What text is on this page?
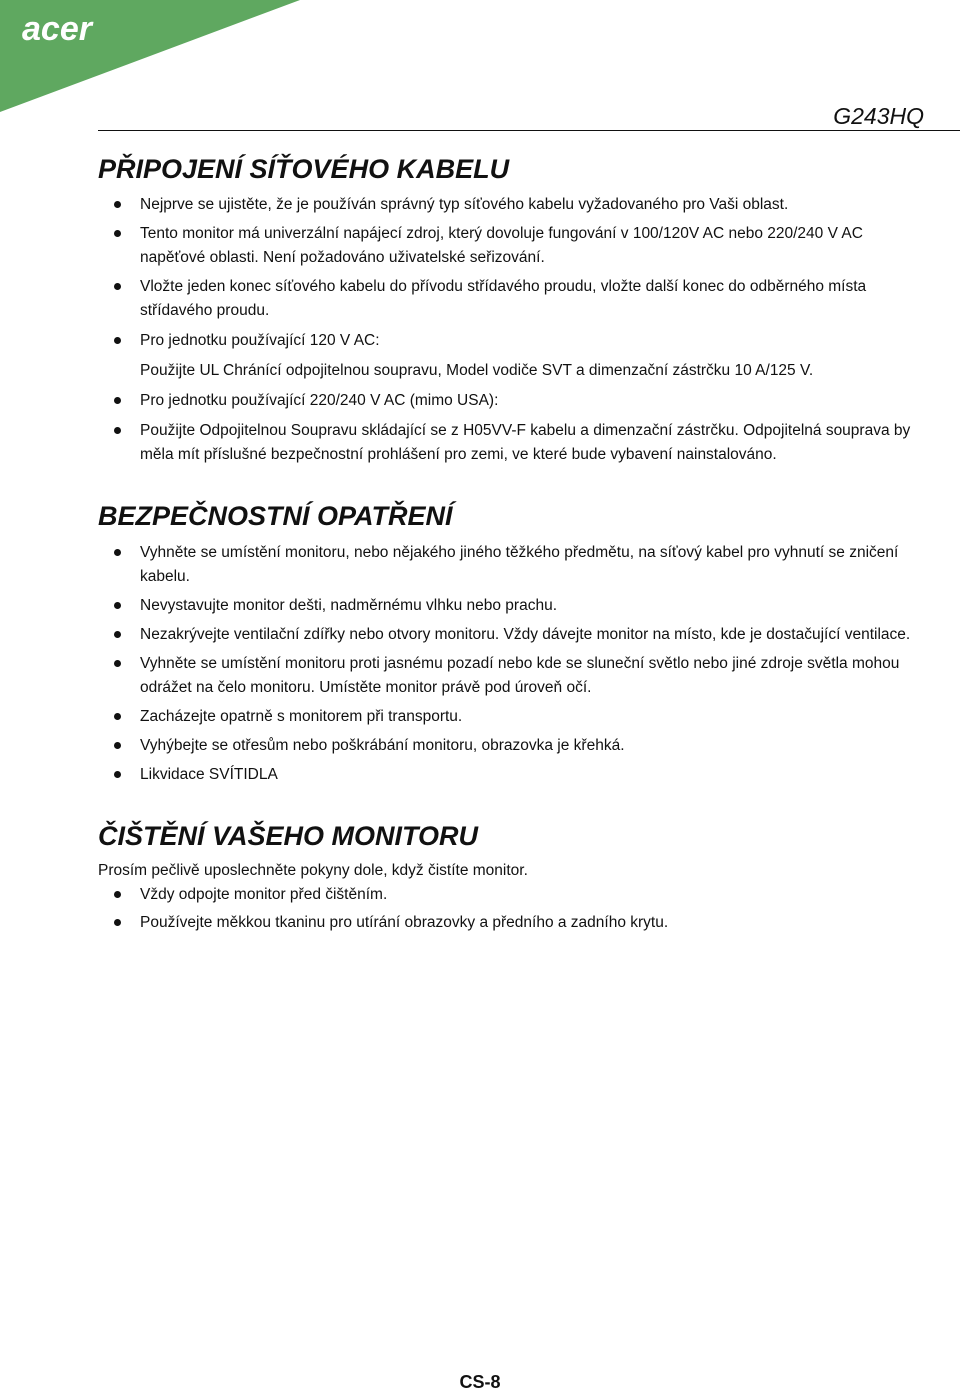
acer
G243HQ
PŘIPOJENÍ SÍŤOVÉHO KABELU
Nejprve se ujistěte, že je používán správný typ síťového kabelu vyžadovaného pro Vaši oblast.
Tento monitor má univerzální napájecí zdroj, který dovoluje fungování v 100/120V AC nebo 220/240 V AC napěťové oblasti. Není požadováno uživatelské seřizování.
Vložte jeden konec síťového kabelu do přívodu střídavého proudu, vložte další konec do odběrného místa střídavého proudu.
Pro jednotku používající 120 V AC:
Použijte UL Chránící odpojitelnou soupravu, Model vodiče SVT a dimenzační zástrčku 10 A/125 V.
Pro jednotku používající 220/240 V AC (mimo USA):
Použijte Odpojitelnou Soupravu skládající se z H05VV-F kabelu a dimenzační zástrčku. Odpojitelná souprava by měla mít příslušné bezpečnostní prohlášení pro zemi, ve které bude vybavení nainstalováno.
BEZPEČNOSTNÍ OPATŘENÍ
Vyhněte se umístění monitoru, nebo nějakého jiného těžkého předmětu, na síťový kabel pro vyhnutí se zničení kabelu.
Nevystavujte monitor dešti, nadměrnému vlhku nebo prachu.
Nezakrývejte ventilační zdířky nebo otvory monitoru. Vždy dávejte monitor na místo, kde je dostačující ventilace.
Vyhněte se umístění monitoru proti jasnému pozadí nebo kde se sluneční světlo nebo jiné zdroje světla mohou odrážet na čelo monitoru. Umístěte monitor právě pod úroveň očí.
Zacházejte opatrně s monitorem při transportu.
Vyhýbejte se otřesům nebo poškrábání monitoru, obrazovka je křehká.
Likvidace SVÍTIDLA
ČIŠTĚNÍ VAŠEHO MONITORU

Prosím pečlivě uposlechněte pokyny dole, když čistíte monitor.

Vždy odpojte monitor před čištěním.
Používejte měkkou tkaninu pro utírání obrazovky a předního a zadního krytu.
CS-8
